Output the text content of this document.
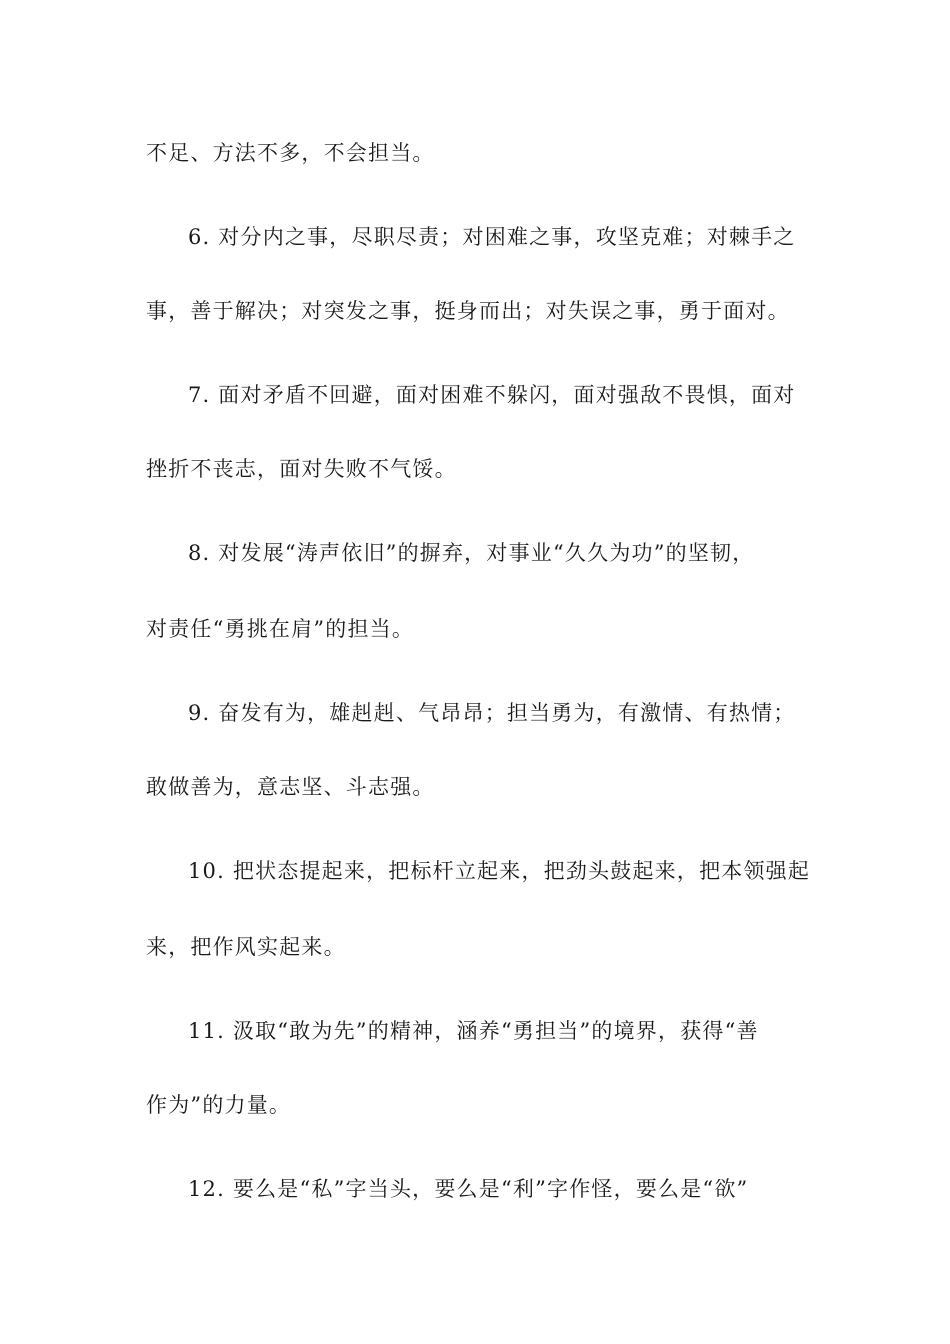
不足、方法不多，不会担当。
6. 对分内之事，尽职尽责；对困难之事，攻坚克难；对棘手之
事，善于解决；对突发之事，挺身而出；对失误之事，勇于面对。
7. 面对矛盾不回避，面对困难不躲闪，面对强敌不畏惧，面对
挫折不丧志，面对失败不气馁。
8. 对发展“涛声依旧”的摒弃，对事业“久久为功”的坚韧，
对责任“勇挑在肩”的担当。
9. 奋发有为，雄赳赳、气昂昂；担当勇为，有激情、有热情；
敢做善为，意志坚、斗志强。
10. 把状态提起来，把标杆立起来，把劲头鼓起来，把本领强起
来，把作风实起来。
11. 汲取“敢为先”的精神，涵养“勇担当”的境界，获得“善
作为”的力量。
12. 要么是“私”字当头，要么是“利”字作怪，要么是“欲”
